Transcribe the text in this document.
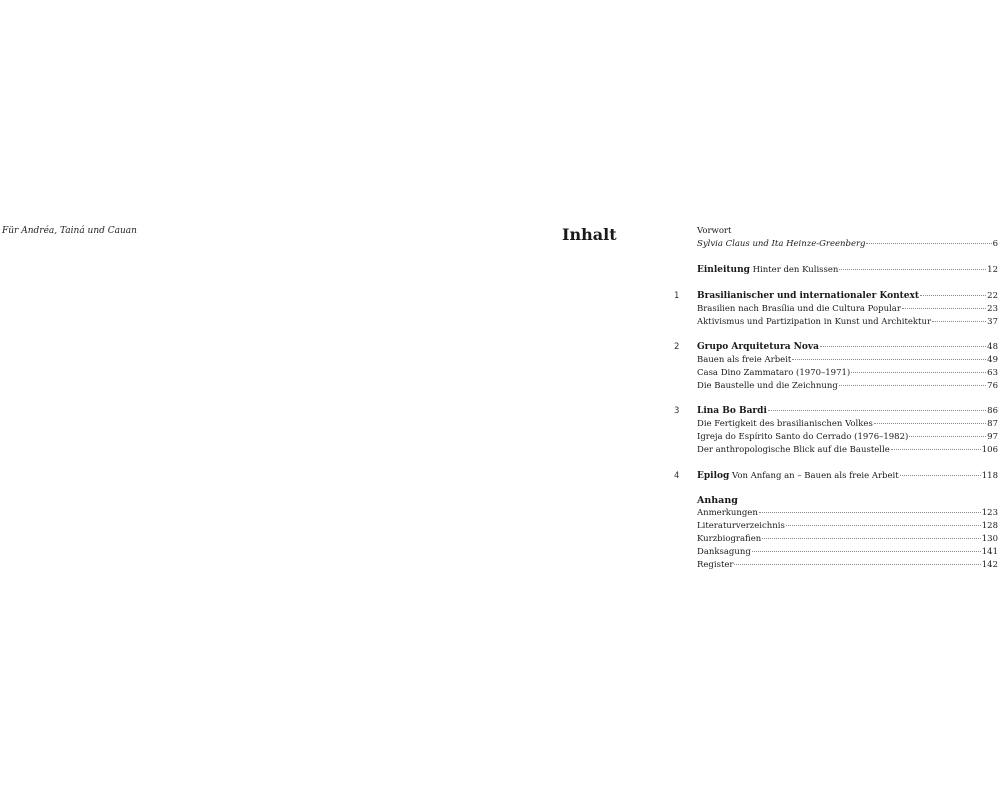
Für Andréa, Tainá und Cauan	Inhalt	Vorwort
Sylvia Claus und Ita Heinze-Greenberg	6
Einleitung Hinter den Kulissen	12
1	Brasilianischer und internationaler Kontext	22
Brasilien nach Brasília und die Cultura Popular	23
Aktivismus und Partizipation in Kunst und Architektur	37
2	Grupo Arquitetura Nova	48
Bauen als freie Arbeit	49
Casa Dino Zammataro (1970–1971)	63
Die Baustelle und die Zeichnung	76
3	Lina Bo Bardi	86
Die Fertigkeit des brasilianischen Volkes	87
Igreja do Espírito Santo do Cerrado (1976–1982)	97
Der anthropologische Blick auf die Baustelle	106
4	Epilog Von Anfang an – Bauen als freie Arbeit	118
Anhang
Anmerkungen	123
Literaturverzeichnis	128
Kurzbiografien	130
Danksagung	141
Register	142
